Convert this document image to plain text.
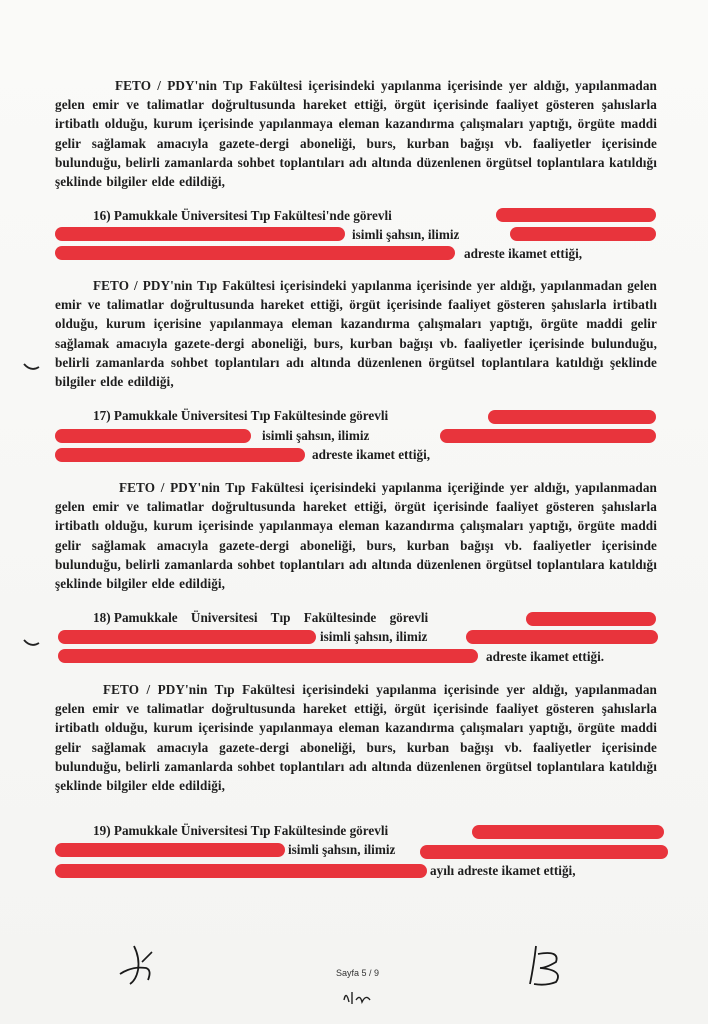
FETO / PDY'nin Tıp Fakültesi içerisindeki yapılanma içerisinde yer aldığı, yapılanmadan gelen emir ve talimatlar doğrultusunda hareket ettiği, örgüt içerisinde faaliyet gösteren şahıslarla irtibatlı olduğu, kurum içerisinde yapılanmaya eleman kazandırma çalışmaları yaptığı, örgüte maddi gelir sağlamak amacıyla gazete-dergi aboneliği, burs, kurban bağışı vb. faaliyetler içerisinde bulunduğu, belirli zamanlarda sohbet toplantıları adı altında düzenlenen örgütsel toplantılara katıldığı şeklinde bilgiler elde edildiği,
16) Pamukkale Üniversitesi Tıp Fakültesi'nde görevli
isimli şahsın, ilimiz
adreste ikamet ettiği,
FETO / PDY'nin Tıp Fakültesi içerisindeki yapılanma içerisinde yer aldığı, yapılanmadan gelen emir ve talimatlar doğrultusunda hareket ettiği, örgüt içerisinde faaliyet gösteren şahıslarla irtibatlı olduğu, kurum içerisine yapılanmaya eleman kazandırma çalışmaları yaptığı, örgüte maddi gelir sağlamak amacıyla gazete-dergi aboneliği, burs, kurban bağışı vb. faaliyetler içerisinde bulunduğu, belirli zamanlarda sohbet toplantıları adı altında düzenlenen örgütsel toplantılara katıldığı şeklinde bilgiler elde edildiği,
17) Pamukkale Üniversitesi Tıp Fakültesinde görevli
isimli şahsın, ilimiz
adreste ikamet ettiği,
FETO / PDY'nin Tıp Fakültesi içerisindeki yapılanma içeriğinde yer aldığı, yapılanmadan gelen emir ve talimatlar doğrultusunda hareket ettiği, örgüt içerisinde faaliyet gösteren şahıslarla irtibatlı olduğu, kurum içerisinde yapılanmaya eleman kazandırma çalışmaları yaptığı, örgüte maddi gelir sağlamak amacıyla gazete-dergi aboneliği, burs, kurban bağışı vb. faaliyetler içerisinde bulunduğu, belirli zamanlarda sohbet toplantıları adı altında düzenlenen örgütsel toplantılara katıldığı şeklinde bilgiler elde edildiği,
18) Pamukkale Üniversitesi Tıp Fakültesinde görevli
isimli şahsın, ilimiz
adreste ikamet ettiği.
FETO / PDY'nin Tıp Fakültesi içerisindeki yapılanma içerisinde yer aldığı, yapılanmadan gelen emir ve talimatlar doğrultusunda hareket ettiği, örgüt içerisinde faaliyet gösteren şahıslarla irtibatlı olduğu, kurum içerisinde yapılanmaya eleman kazandırma çalışmaları yaptığı, örgüte maddi gelir sağlamak amacıyla gazete-dergi aboneliği, burs, kurban bağışı vb. faaliyetler içerisinde bulunduğu, belirli zamanlarda sohbet toplantıları adı altında düzenlenen örgütsel toplantılara katıldığı şeklinde bilgiler elde edildiği,
19) Pamukkale Üniversitesi Tıp Fakültesinde görevli
isimli şahsın, ilimiz
ayılı adreste ikamet ettiği,
Sayfa 5 / 9
